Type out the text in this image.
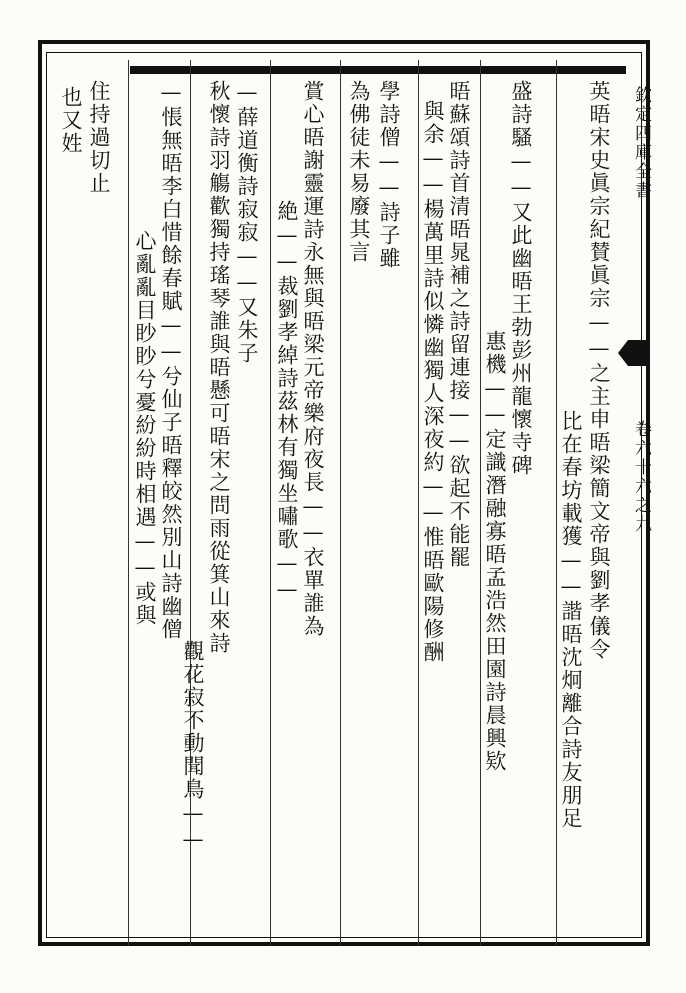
欽定四庫全書
卷六十六之九
英晤宋史眞宗紀賛眞宗——之主申晤梁簡文帝與劉孝儀令
比在春坊載獲——諧晤沈炯離合詩友朋足
盛詩騷——又此幽晤王勃彭州龍懷寺碑
惠機——定識潛融寡晤孟浩然田園詩晨興欵
晤蘇頌詩首清晤晁補之詩留連接——欲起不能罷
與余——楊萬里詩似憐幽獨人深夜約——惟晤歐陽修酬
學詩僧——詩子雖
為佛徒未易廢其言
賞心晤謝靈運詩永無與晤梁元帝樂府夜長——衣單誰為
絶——裁劉孝綽詩茲林有獨坐嘯歌——
—薛道衡詩寂寂——又朱子
秋懷詩羽觴歡獨持瑤琴誰與晤懸可晤宋之問雨從箕山來詩
觀花寂不動聞鳥——
—悵無晤李白惜餘春賦——兮仙子晤釋皎然別山詩幽僧
心亂亂目眇眇兮憂紛紛時相遇——或與
住持過切止
也又姓
